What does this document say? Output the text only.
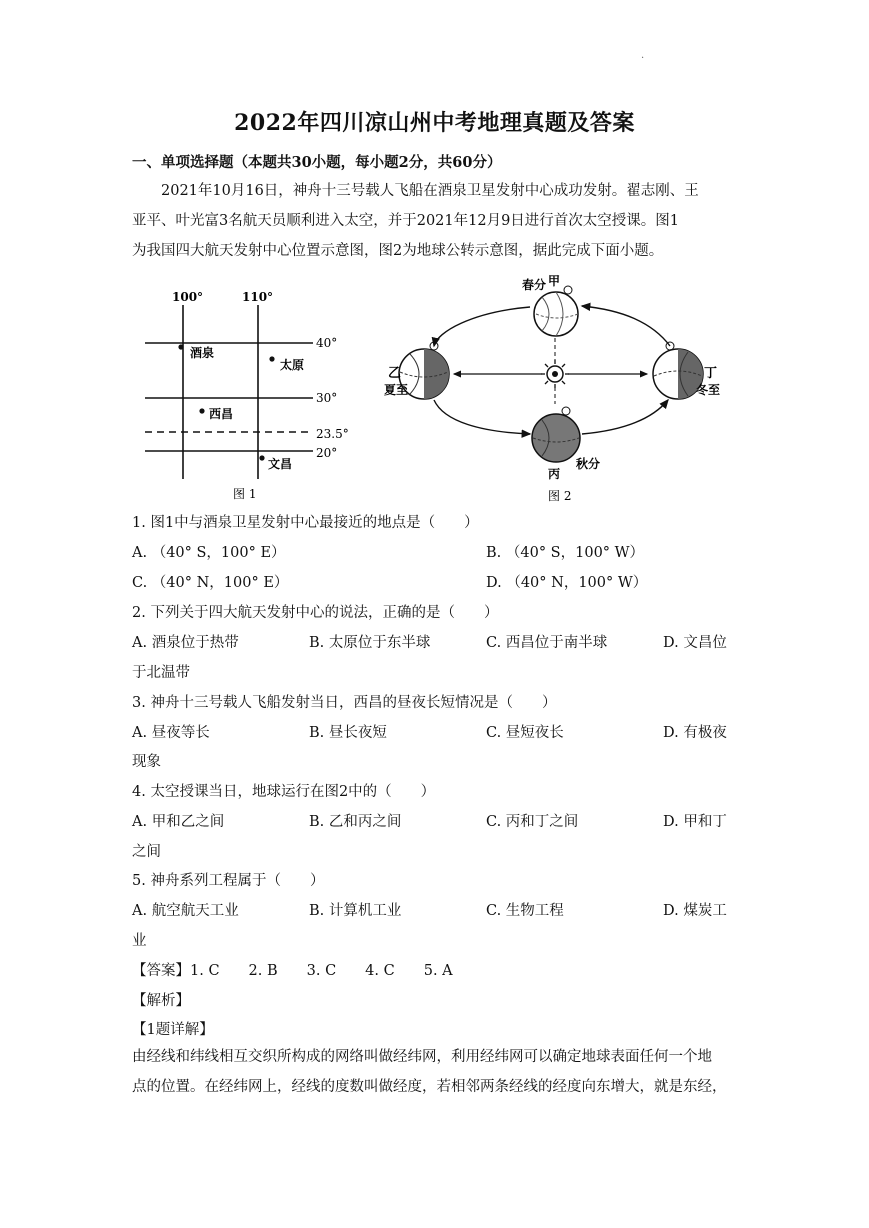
.
2022年四川凉山州中考地理真题及答案
一、单项选择题（本题共30小题，每小题2分，共60分）
　　2021年10月16日，神舟十三号载人飞船在酒泉卫星发射中心成功发射。翟志刚、王
亚平、叶光富3名航天员顺利进入太空，并于2021年12月9日进行首次太空授课。图1
为我国四大航天发射中心位置示意图，图2为地球公转示意图，据此完成下面小题。
100°	110°
40°
30°
23.5°
20°
酒泉
太原
西昌
文昌
图 1
甲
春分
乙
夏至
丁
冬至
丙
秋分
图 2
1. 图1中与酒泉卫星发射中心最接近的地点是（　　）
A. （40° S，100° E）	B. （40° S，100° W）
C. （40° N，100° E）	D. （40° N，100° W）
2. 下列关于四大航天发射中心的说法，正确的是（　　）
A. 酒泉位于热带	B. 太原位于东半球	C. 西昌位于南半球	D. 文昌位
于北温带
3. 神舟十三号载人飞船发射当日，西昌的昼夜长短情况是（　　）
A. 昼夜等长	B. 昼长夜短	C. 昼短夜长	D. 有极夜
现象
4. 太空授课当日，地球运行在图2中的（　　）
A. 甲和乙之间	B. 乙和丙之间	C. 丙和丁之间	D. 甲和丁
之间
5. 神舟系列工程属于（　　）
A. 航空航天工业	B. 计算机工业	C. 生物工程	D. 煤炭工
业
【答案】1. C　　2. B　　3. C　　4. C　　5. A
【解析】
【1题详解】
由经线和纬线相互交织所构成的网络叫做经纬网，利用经纬网可以确定地球表面任何一个地
点的位置。在经纬网上，经线的度数叫做经度，若相邻两条经线的经度向东增大，就是东经，
